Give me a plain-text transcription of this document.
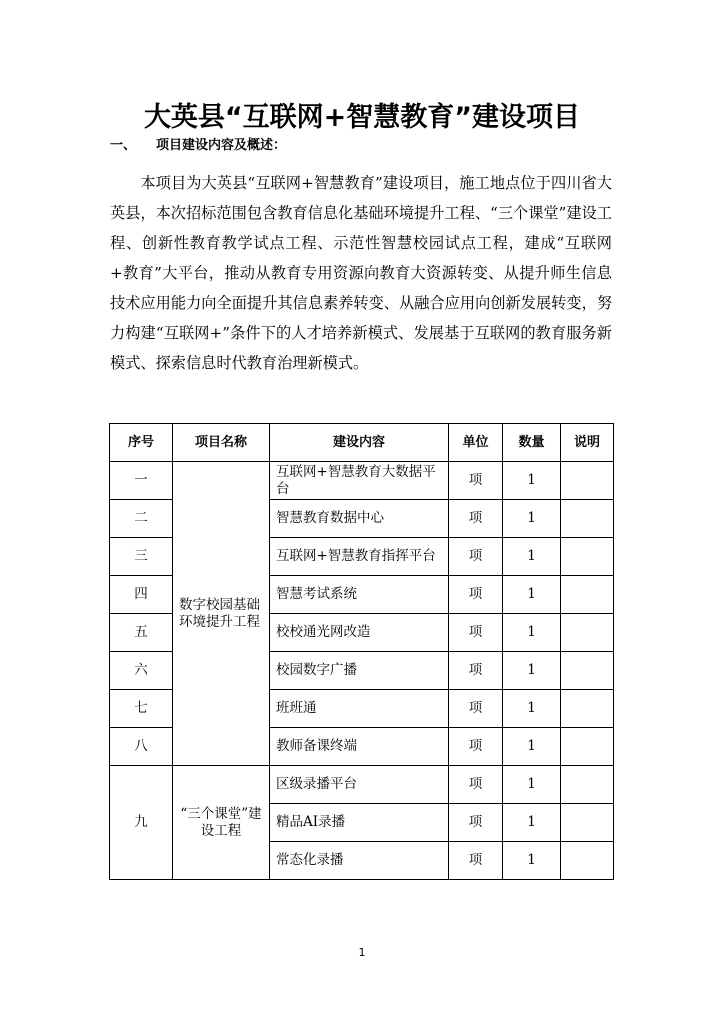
大英县“互联网+智慧教育”建设项目
一、 项目建设内容及概述：

本项目为大英县“互联网+智慧教育”建设项目，施工地点位于四川省大英县，本次招标范围包含教育信息化基础环境提升工程、“三个课堂”建设工程、创新性教育教学试点工程、示范性智慧校园试点工程，建成“互联网+教育”大平台，推动从教育专用资源向教育大资源转变、从提升师生信息技术应用能力向全面提升其信息素养转变、从融合应用向创新发展转变，努力构建“互联网+”条件下的人才培养新模式、发展基于互联网的教育服务新模式、探索信息时代教育治理新模式。

序号	项目名称	建设内容	单位	数量	说明
一	数字校园基础环境提升工程	互联网+智慧教育大数据平台	项	1	
二		智慧教育数据中心	项	1	
三		互联网+智慧教育指挥平台	项	1	
四		智慧考试系统	项	1	
五		校校通光网改造	项	1	
六		校园数字广播	项	1	
七		班班通	项	1	
八		教师备课终端	项	1	
九	“三个课堂”建设工程	区级录播平台	项	1	
		精品AI录播	项	1	
		常态化录播	项	1	
1
